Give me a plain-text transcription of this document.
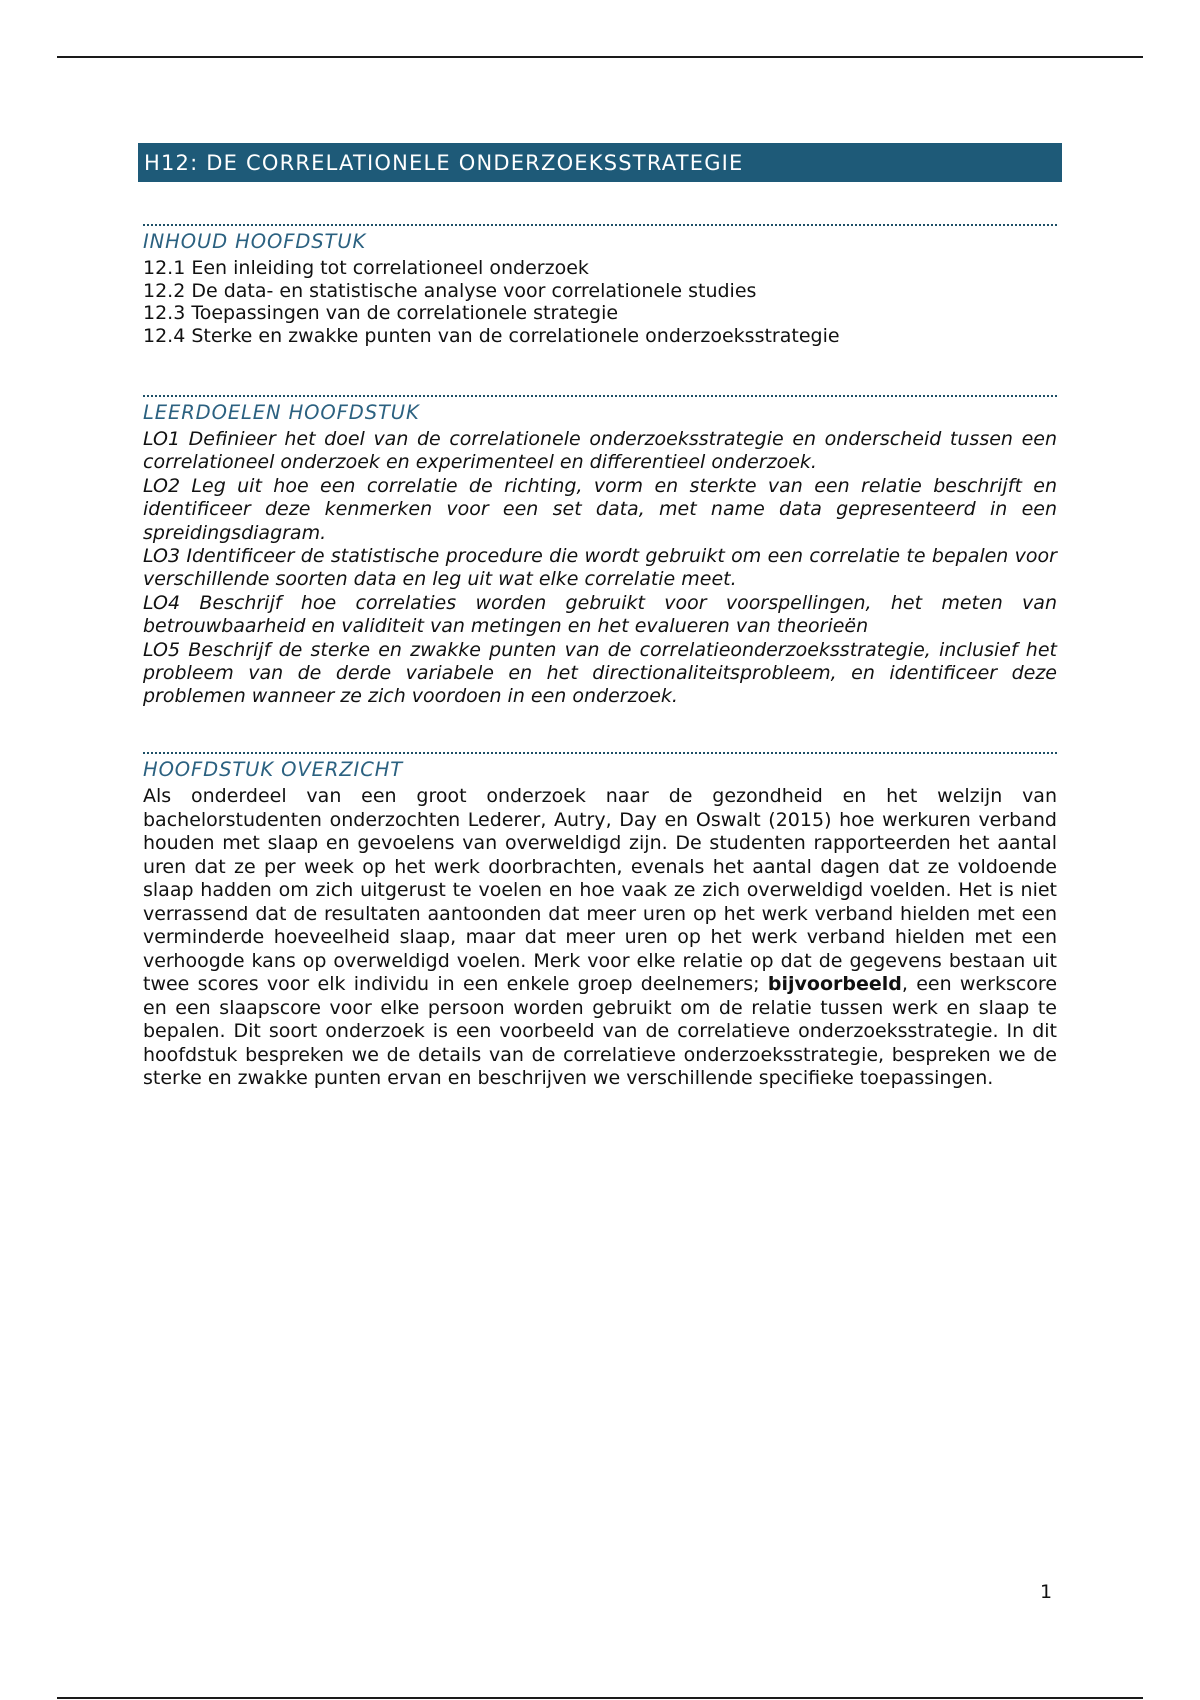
H12: DE CORRELATIONELE ONDERZOEKSSTRATEGIE
INHOUD HOOFDSTUK
12.1 Een inleiding tot correlationeel onderzoek
12.2 De data- en statistische analyse voor correlationele studies
12.3 Toepassingen van de correlationele strategie
12.4 Sterke en zwakke punten van de correlationele onderzoeksstrategie
LEERDOELEN HOOFDSTUK

LO1 Definieer het doel van de correlationele onderzoeksstrategie en onderscheid tussen een correlationeel onderzoek en experimenteel en differentieel onderzoek.

LO2 Leg uit hoe een correlatie de richting, vorm en sterkte van een relatie beschrijft en identificeer deze kenmerken voor een set data, met name data gepresenteerd in een spreidingsdiagram.

LO3 Identificeer de statistische procedure die wordt gebruikt om een correlatie te bepalen voor verschillende soorten data en leg uit wat elke correlatie meet.

LO4 Beschrijf hoe correlaties worden gebruikt voor voorspellingen, het meten van betrouwbaarheid en validiteit van metingen en het evalueren van theorieën

LO5 Beschrijf de sterke en zwakke punten van de correlatieonderzoeksstrategie, inclusief het probleem van de derde variabele en het directionaliteitsprobleem, en identificeer deze problemen wanneer ze zich voordoen in een onderzoek.

HOOFDSTUK OVERZICHT

Als onderdeel van een groot onderzoek naar de gezondheid en het welzijn van bachelorstudenten onderzochten Lederer, Autry, Day en Oswalt (2015) hoe werkuren verband houden met slaap en gevoelens van overweldigd zijn. De studenten rapporteerden het aantal uren dat ze per week op het werk doorbrachten, evenals het aantal dagen dat ze voldoende slaap hadden om zich uitgerust te voelen en hoe vaak ze zich overweldigd voelden. Het is niet verrassend dat de resultaten aantoonden dat meer uren op het werk verband hielden met een verminderde hoeveelheid slaap, maar dat meer uren op het werk verband hielden met een verhoogde kans op overweldigd voelen. Merk voor elke relatie op dat de gegevens bestaan uit twee scores voor elk individu in een enkele groep deelnemers; bijvoorbeeld, een werkscore en een slaapscore voor elke persoon worden gebruikt om de relatie tussen werk en slaap te bepalen. Dit soort onderzoek is een voorbeeld van de correlatieve onderzoeksstrategie. In dit hoofdstuk bespreken we de details van de correlatieve onderzoeksstrategie, bespreken we de sterke en zwakke punten ervan en beschrijven we verschillende specifieke toepassingen.

1
